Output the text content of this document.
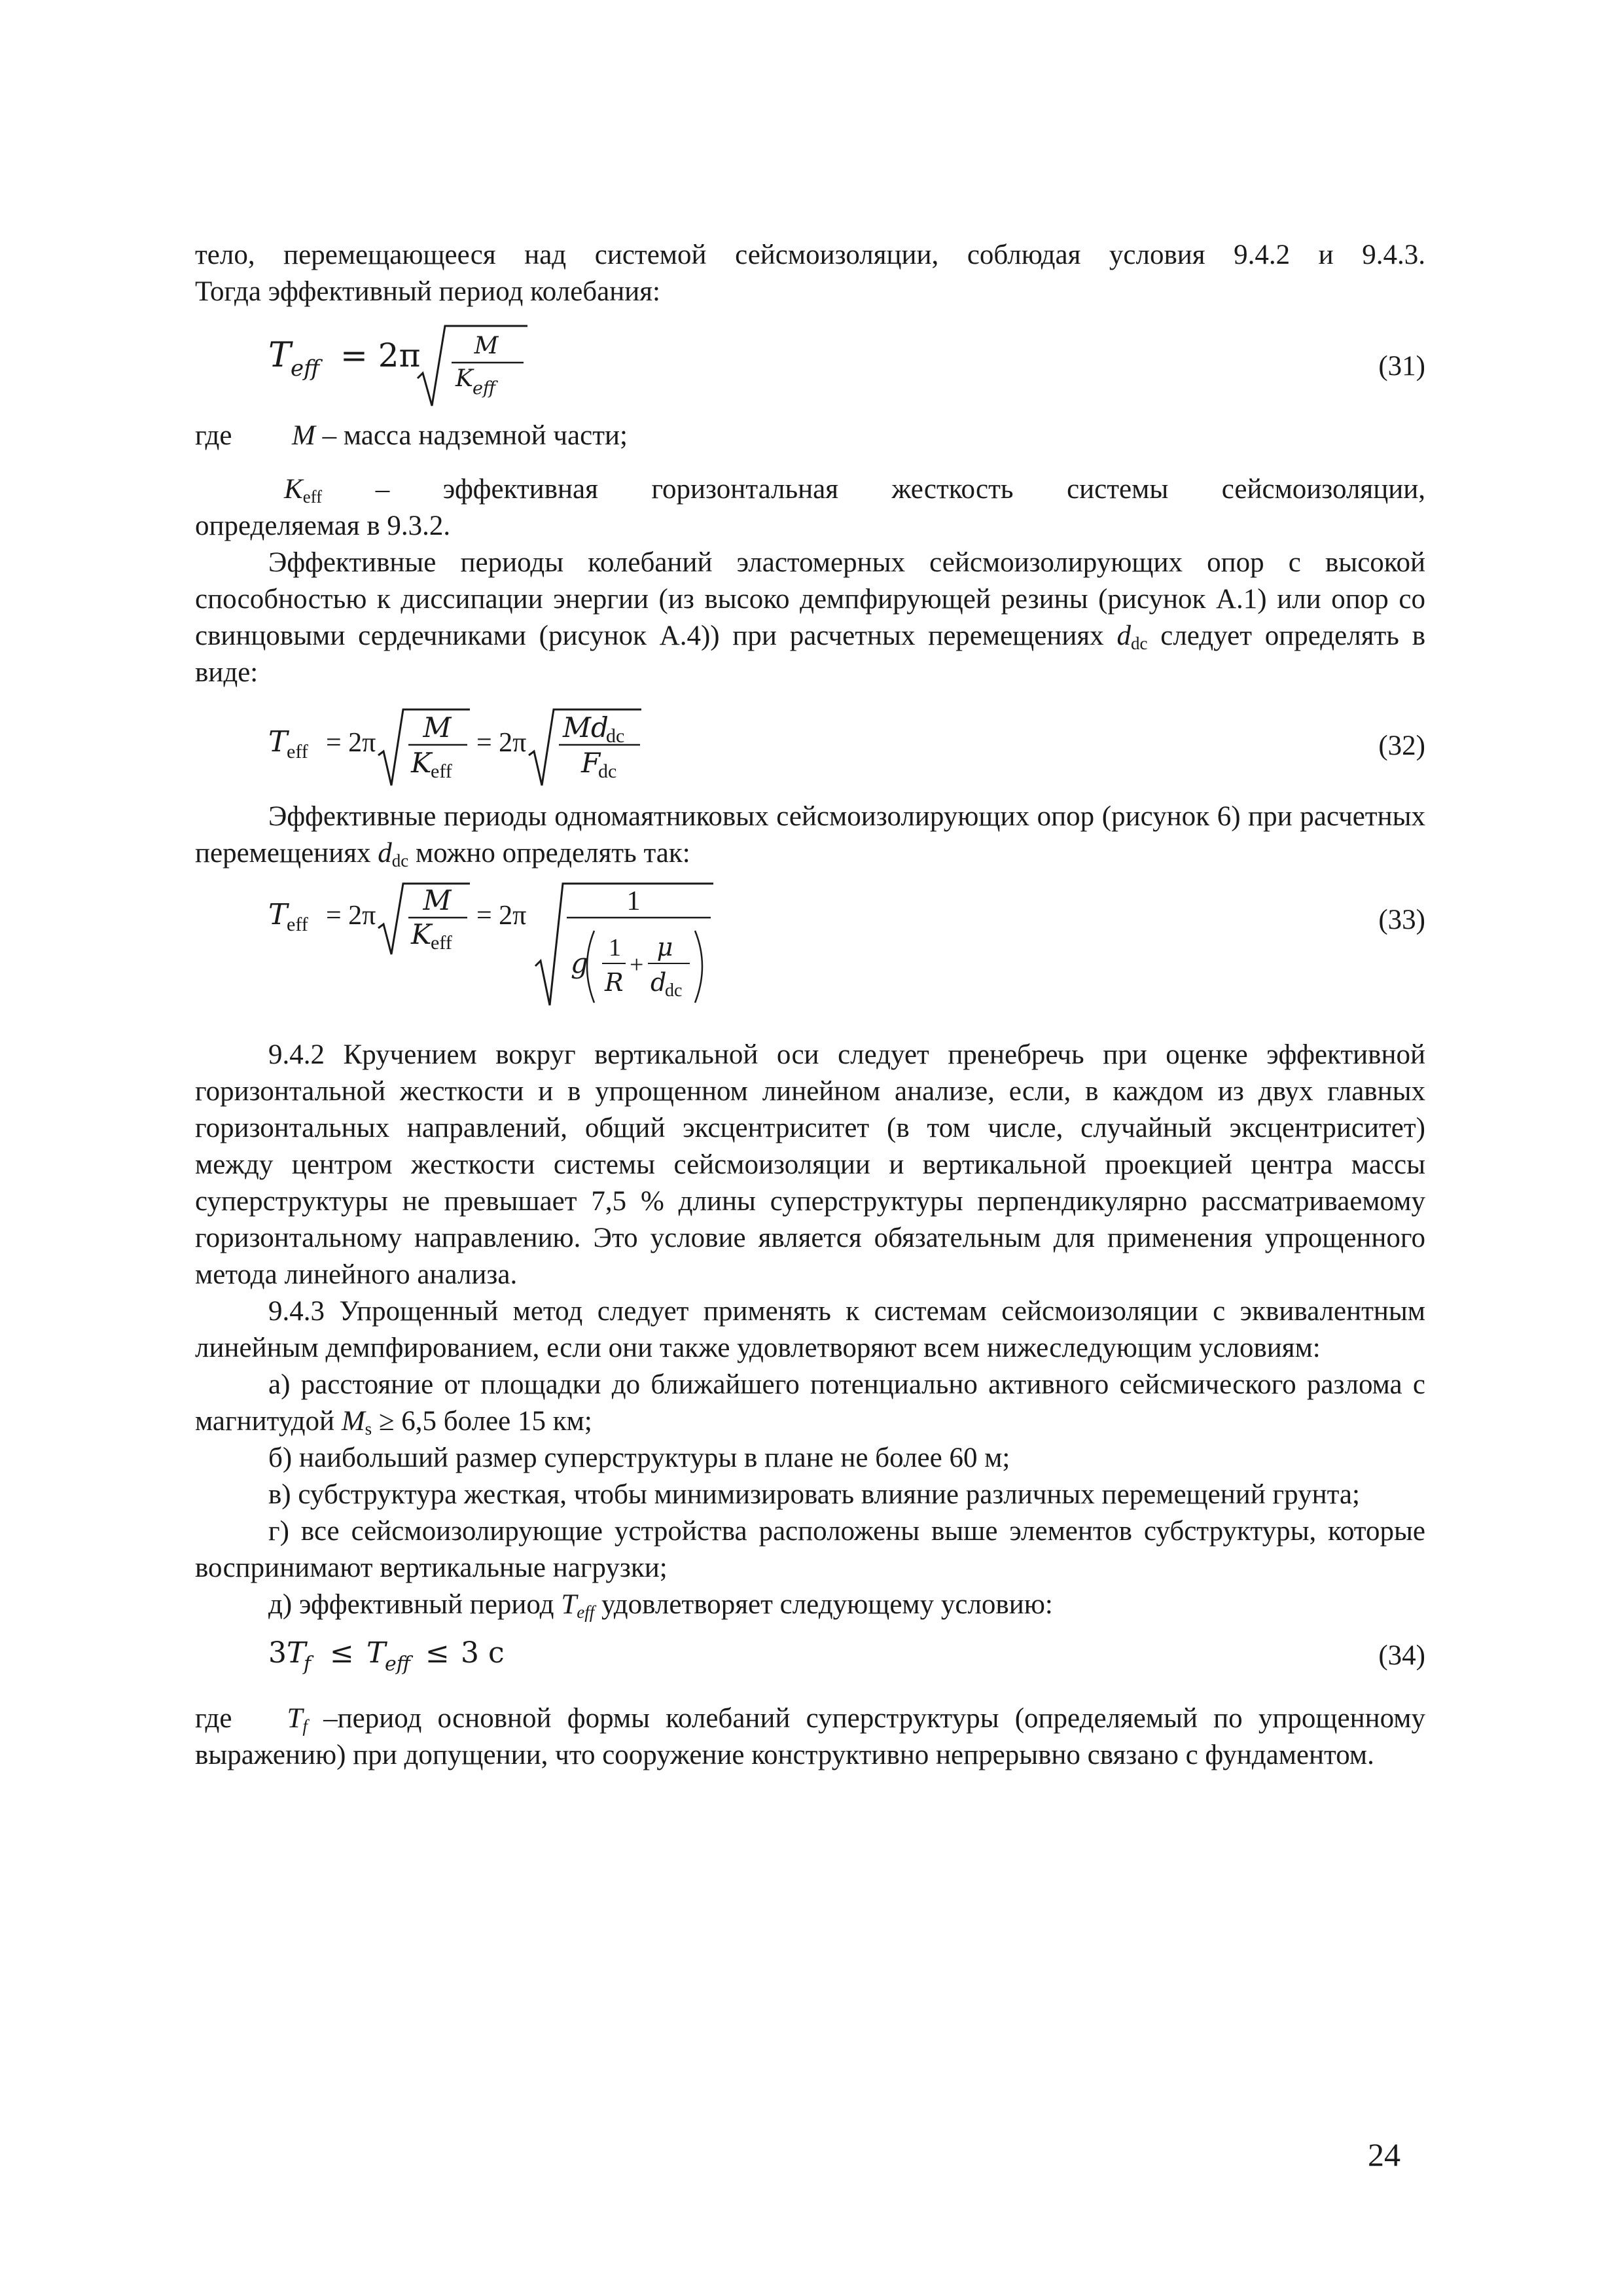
тело, перемещающееся над системой сейсмоизоляции, соблюдая условия 9.4.2 и 9.4.3.

Тогда эффективный период колебания:

T eff = 2π M
K eff
(31)
где	M – масса надземной части;

$K_{eff}$ – эффективная горизонтальная жесткость системы сейсмоизоляции,

определяемая в 9.3.2.

Эффективные периоды колебаний эластомерных сейсмоизолирующих опор с высокой способностью к диссипации энергии (из высоко демпфирующей резины (рисунок А.1) или опор со свинцовыми сердечниками (рисунок А.4)) при расчетных перемещениях $d_{dc}$ следует определять в виде:

T
eff = 2π M
K
eff
= 2π Md
dc
F
dc
(32)

Эффективные периоды одномаятниковых сейсмоизолирующих опор (рисунок 6) при расчетных перемещениях $d_{dc}$ можно определять так:

T
eff = 2π M
K
eff
= 2π	1
g 1
R
+
μ
d
dc
(33)

9.4.2 Кручением вокруг вертикальной оси следует пренебречь при оценке эффективной горизонтальной жесткости и в упрощенном линейном анализе, если, в каждом из двух главных горизонтальных направлений, общий эксцентриситет (в том числе, случайный эксцентриситет) между центром жесткости системы сейсмоизоляции и вертикальной проекцией центра массы суперструктуры не превышает 7,5 % длины суперструктуры перпендикулярно рассматриваемому горизонтальному направлению. Это условие является обязательным для применения упрощенного метода линейного анализа.

9.4.3 Упрощенный метод следует применять к системам сейсмоизоляции с эквивалентным линейным демпфированием, если они также удовлетворяют всем нижеследующим условиям:

а) расстояние от площадки до ближайшего потенциально активного сейсмического разлома с магнитудой $M_s \ge 6,5$ более 15 км;

б) наибольший размер суперструктуры в плане не более 60 м;

в) субструктура жесткая, чтобы минимизировать влияние различных перемещений грунта;

г) все сейсмоизолирующие устройства расположены выше элементов субструктуры, которые воспринимают вертикальные нагрузки;

д) эффективный период $T_{eff}$ удовлетворяет следующему условию:

3 T
f ≤ T
eff ≤ 3 с	(34)

где $T_f$ –период основной формы колебаний суперструктуры (определяемый по упрощенному выражению) при допущении, что сооружение конструктивно непрерывно связано с фундаментом.

24
